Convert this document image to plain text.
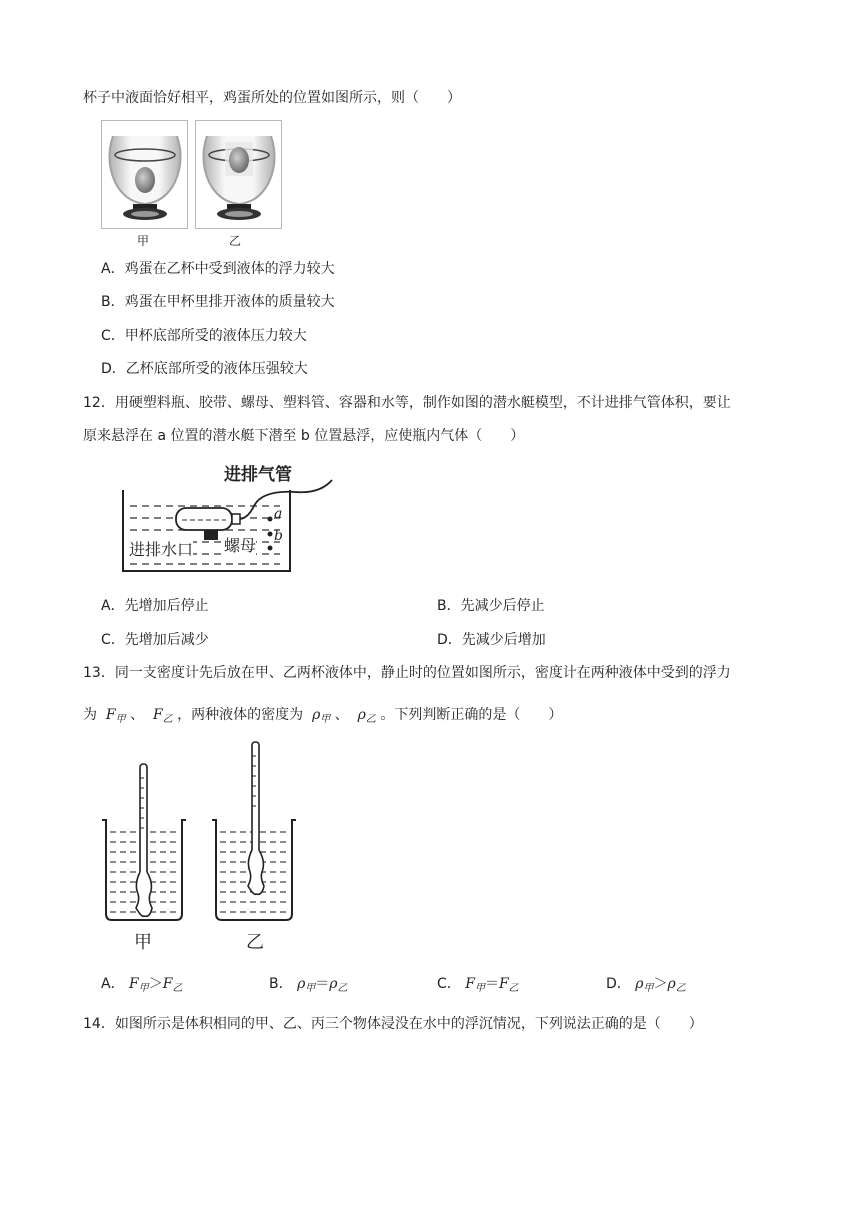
杯子中液面恰好相平，鸡蛋所处的位置如图所示，则（　　）
甲	乙
A．鸡蛋在乙杯中受到液体的浮力较大
B．鸡蛋在甲杯里排开液体的质量较大
C．甲杯底部所受的液体压力较大
D．乙杯底部所受的液体压强较大
12．用硬塑料瓶、胶带、螺母、塑料管、容器和水等，制作如图的潜水艇模型，不计进排气管体积，要让
原来悬浮在 a 位置的潜水艇下潜至 b 位置悬浮，应使瓶内气体（　　）
进排气管
进排水口 螺母
a
b
A．先增加后停止	B．先减少后停止
C．先增加后减少	D．先减少后增加
13．同一支密度计先后放在甲、乙两杯液体中，静止时的位置如图所示，密度计在两种液体中受到的浮力
为 $F_甲$ 、 $F_乙$ ，两种液体的密度为 $\rho_甲$ 、 $\rho_乙$ 。下列判断正确的是（　　）
甲	乙
A． $F_甲>F_乙$	B． $\rho_甲=\rho_乙$	C． $F_甲=F_乙$	D． $\rho_甲>\rho_乙$
14．如图所示是体积相同的甲、乙、丙三个物体浸没在水中的浮沉情况，下列说法正确的是（　　）
